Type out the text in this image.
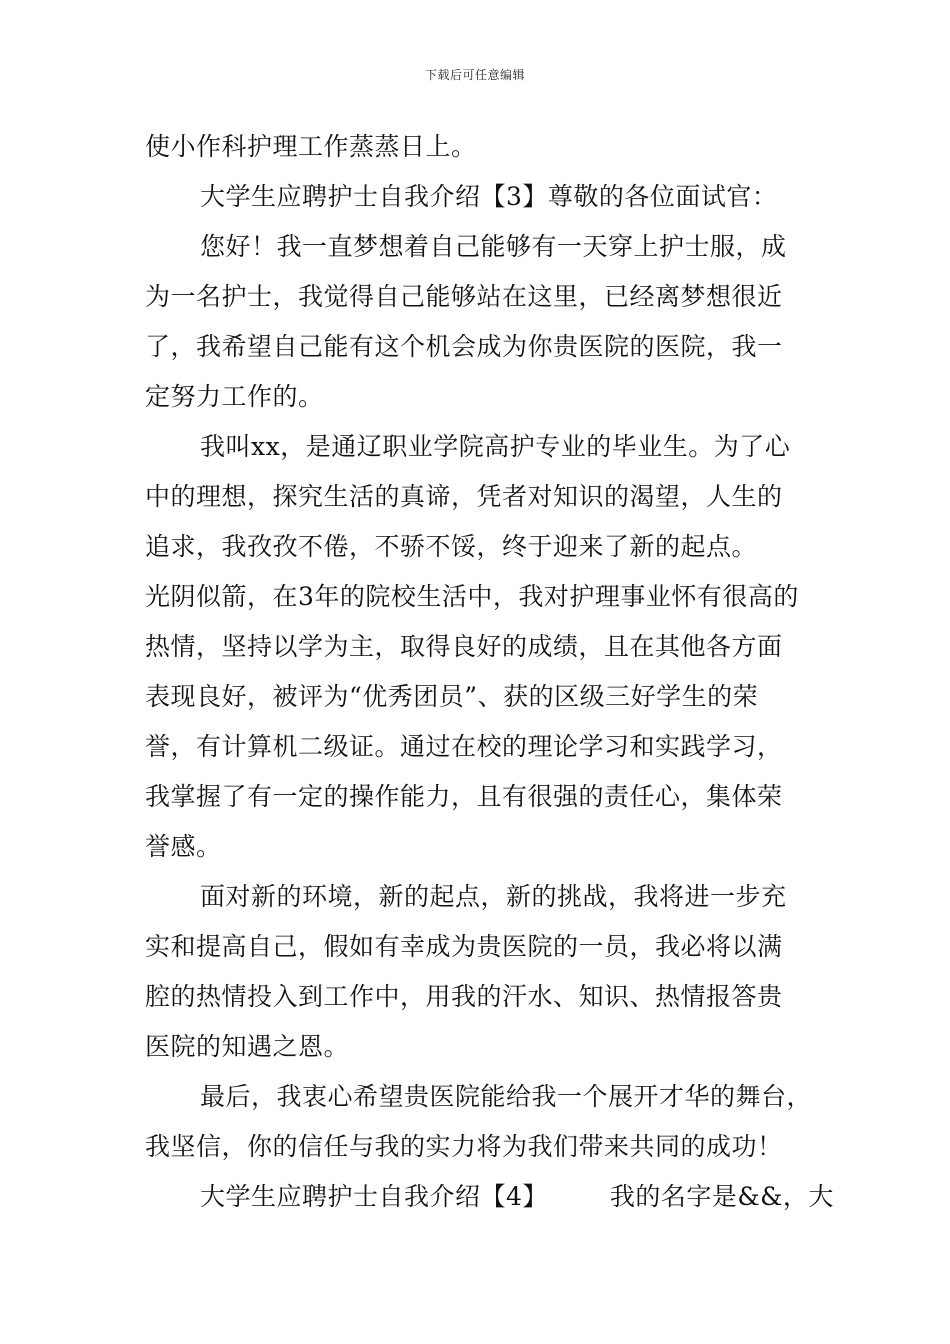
下载后可任意编辑
使小作科护理工作蒸蒸日上。
大学生应聘护士自我介绍【3】尊敬的各位面试官：
您好！我一直梦想着自己能够有一天穿上护士服，成
为一名护士，我觉得自己能够站在这里，已经离梦想很近
了，我希望自己能有这个机会成为你贵医院的医院，我一
定努力工作的。
我叫xx，是通辽职业学院高护专业的毕业生。为了心
中的理想，探究生活的真谛，凭者对知识的渴望，人生的
追求，我孜孜不倦，不骄不馁，终于迎来了新的起点。
光阴似箭，在3年的院校生活中，我对护理事业怀有很高的
热情，坚持以学为主，取得良好的成绩，且在其他各方面
表现良好，被评为“优秀团员”、获的区级三好学生的荣
誉，有计算机二级证。通过在校的理论学习和实践学习，
我掌握了有一定的操作能力，且有很强的责任心，集体荣
誉感。
面对新的环境，新的起点，新的挑战，我将进一步充
实和提高自己，假如有幸成为贵医院的一员，我必将以满
腔的热情投入到工作中，用我的汗水、知识、热情报答贵
医院的知遇之恩。
最后，我衷心希望贵医院能给我一个展开才华的舞台，
我坚信，你的信任与我的实力将为我们带来共同的成功！
大学生应聘护士自我介绍【4】 我的名字是&&，大
